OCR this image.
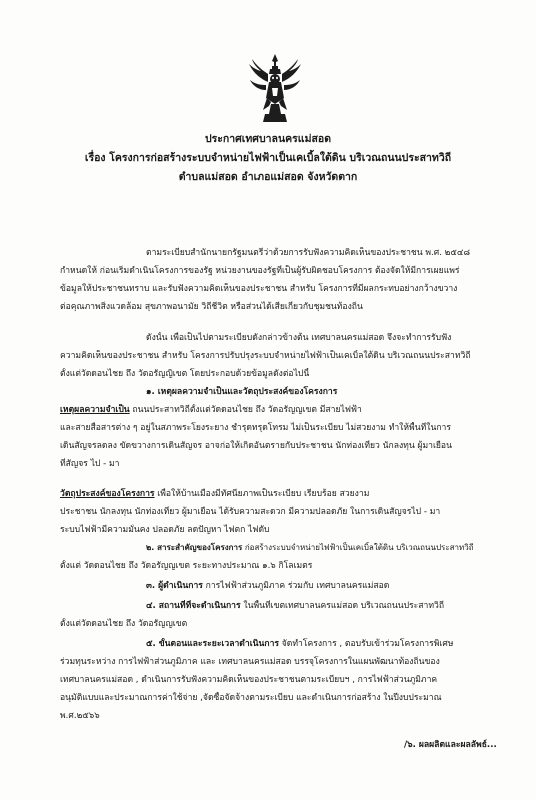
ประกาศเทศบาลนครแม่สอด
เรื่อง โครงการก่อสร้างระบบจำหน่ายไฟฟ้าเป็นเคเบิ้ลใต้ดิน บริเวณถนนประสาทวิถี
ตำบลแม่สอด อำเภอแม่สอด จังหวัดตาก
ตามระเบียบสำนักนายกรัฐมนตรีว่าด้วยการรับฟังความคิดเห็นของประชาชน พ.ศ. ๒๕๔๘
กำหนดให้ ก่อนเริ่มดำเนินโครงการของรัฐ หน่วยงานของรัฐที่เป็นผู้รับผิดชอบโครงการ ต้องจัดให้มีการเผยแพร่
ข้อมูลให้ประชาชนทราบ และรับฟังความคิดเห็นของประชาชน สำหรับ โครงการที่มีผลกระทบอย่างกว้างขวาง
ต่อคุณภาพสิ่งแวดล้อม สุขภาพอนามัย วิถีชีวิต หรือส่วนได้เสียเกี่ยวกับชุมชนท้องถิ่น
ดังนั้น เพื่อเป็นไปตามระเบียบดังกล่าวข้างต้น เทศบาลนครแม่สอด จึงจะทำการรับฟัง
ความคิดเห็นของประชาชน สำหรับ โครงการปรับปรุงระบบจำหน่ายไฟฟ้าเป็นเคเบิ้ลใต้ดิน บริเวณถนนประสาทวิถี
ตั้งแต่วัดดอนไชย ถึง วัดอรัญญิเขต โดยประกอบด้วยข้อมูลดังต่อไปนี้
๑. เหตุผลความจำเป็นและวัตถุประสงค์ของโครงการ
เหตุผลความจำเป็น ถนนประสาทวิถีตั้งแต่วัดดอนไชย ถึง วัดอรัญญเขต มีสายไฟฟ้า
และสายสื่อสารต่าง ๆ อยู่ในสภาพระโยงระยาง ชำรุดทรุดโทรม ไม่เป็นระเบียบ ไม่สวยงาม ทำให้พื้นที่ในการ
เดินสัญจรลดลง ขัดขวางการเดินสัญจร อาจก่อให้เกิดอันตรายกับประชาชน นักท่องเที่ยว นักลงทุน ผู้มาเยือน
ที่สัญจร ไป - มา
วัตถุประสงค์ของโครงการ เพื่อให้บ้านเมืองมีทัศนียภาพเป็นระเบียบ เรียบร้อย สวยงาม
ประชาชน นักลงทุน นักท่องเที่ยว ผู้มาเยือน ได้รับความสะดวก มีความปลอดภัย ในการเดินสัญจรไป - มา
ระบบไฟฟ้ามีความมั่นคง ปลอดภัย ลดปัญหา ไฟตก ไฟดับ
๒. สาระสำคัญของโครงการ ก่อสร้างระบบจำหน่ายไฟฟ้าเป็นเคเบิ้ลใต้ดิน บริเวณถนนประสาทวิถี
ตั้งแต่ วัดดอนไชย ถึง วัดอรัญญเขต ระยะทางประมาณ ๑.๖ กิโลเมตร
๓. ผู้ดำเนินการ การไฟฟ้าส่วนภูมิภาค ร่วมกับ เทศบาลนครแม่สอด
๔. สถานที่ที่จะดำเนินการ ในพื้นที่เขตเทศบาลนครแม่สอด บริเวณถนนประสาทวิถี
ตั้งแต่วัดดอนไชย ถึง วัดอรัญญเขต
๕. ขั้นตอนและระยะเวลาดำเนินการ จัดทำโครงการ , ตอบรับเข้าร่วมโครงการพิเศษ
ร่วมทุนระหว่าง การไฟฟ้าส่วนภูมิภาค และ เทศบาลนครแม่สอด บรรจุโครงการในแผนพัฒนาท้องถิ่นของ
เทศบาลนครแม่สอด , ดำเนินการรับฟังความคิดเห็นของประชาชนตามระเบียบฯ , การไฟฟ้าส่วนภูมิภาค
อนุมัติแบบและประมาณการค่าใช้จ่าย ,จัดซื้อจัดจ้างตามระเบียบ และดำเนินการก่อสร้าง ในปีงบประมาณ
พ.ศ.๒๕๖๖
/๖. ผลผลิตและผลลัพธ์...
